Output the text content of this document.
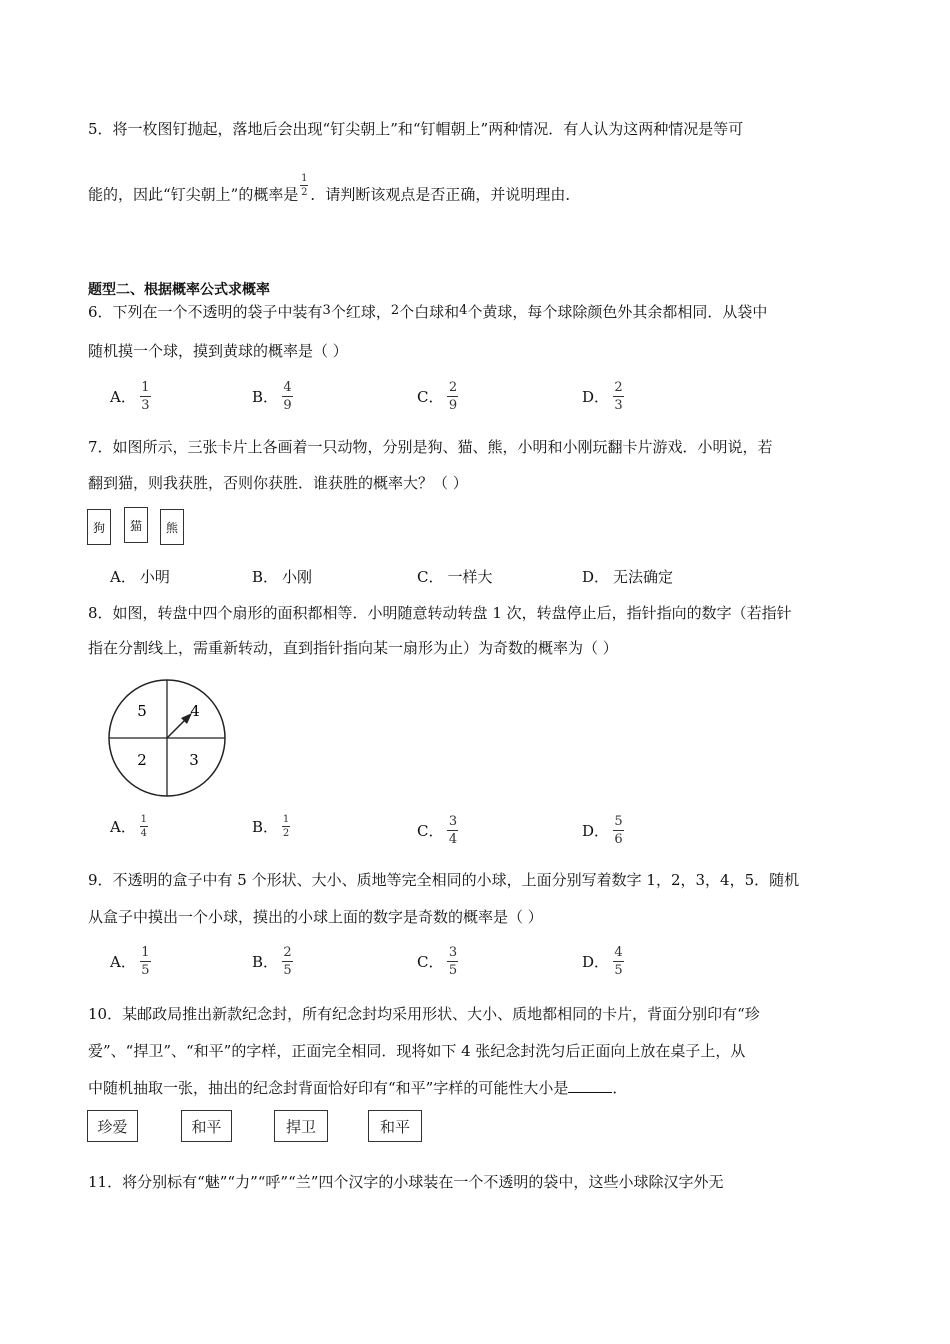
5．将一枚图钉抛起，落地后会出现“钉尖朝上”和“钉帽朝上”两种情况．有人认为这两种情况是等可
能的，因此“钉尖朝上”的概率是 $\frac{1}{2}$ ．请判断该观点是否正确，并说明理由．
题型二、根据概率公式求概率
6．下列在一个不透明的袋子中装有3个红球，2个白球和4个黄球，每个球除颜色外其余都相同．从袋中
随机摸一个球，摸到黄球的概率是（ ）
A． $\frac{1}{3}$	B． $\frac{4}{9}$	C． $\frac{2}{9}$	D． $\frac{2}{3}$
7．如图所示，三张卡片上各画着一只动物，分别是狗、猫、熊，小明和小刚玩翻卡片游戏．小明说，若
翻到猫，则我获胜，否则你获胜．谁获胜的概率大？（ ）
狗	猫	熊
A． 小明	B． 小刚	C． 一样大	D． 无法确定
8．如图，转盘中四个扇形的面积都相等．小明随意转动转盘 1 次，转盘停止后，指针指向的数字（若指针
指在分割线上，需重新转动，直到指针指向某一扇形为止）为奇数的概率为（ ）
5	4
2	3
A． $\frac{1}{4}$	B． $\frac{1}{2}$	C． $\frac{3}{4}$	D． $\frac{5}{6}$
9．不透明的盒子中有 5 个形状、大小、质地等完全相同的小球，上面分别写着数字 1，2，3，4，5．随机
从盒子中摸出一个小球，摸出的小球上面的数字是奇数的概率是（ ）
A． $\frac{1}{5}$	B． $\frac{2}{5}$	C． $\frac{3}{5}$	D． $\frac{4}{5}$
10．某邮政局推出新款纪念封，所有纪念封均采用形状、大小、质地都相同的卡片，背面分别印有“珍
爱”、“捍卫”、“和平”的字样，正面完全相同．现将如下 4 张纪念封洗匀后正面向上放在桌子上，从
中随机抽取一张，抽出的纪念封背面恰好印有“和平”字样的可能性大小是	．
珍爱	和平	捍卫	和平
11．将分别标有“魅”“力”“呼”“兰”四个汉字的小球装在一个不透明的袋中，这些小球除汉字外无
